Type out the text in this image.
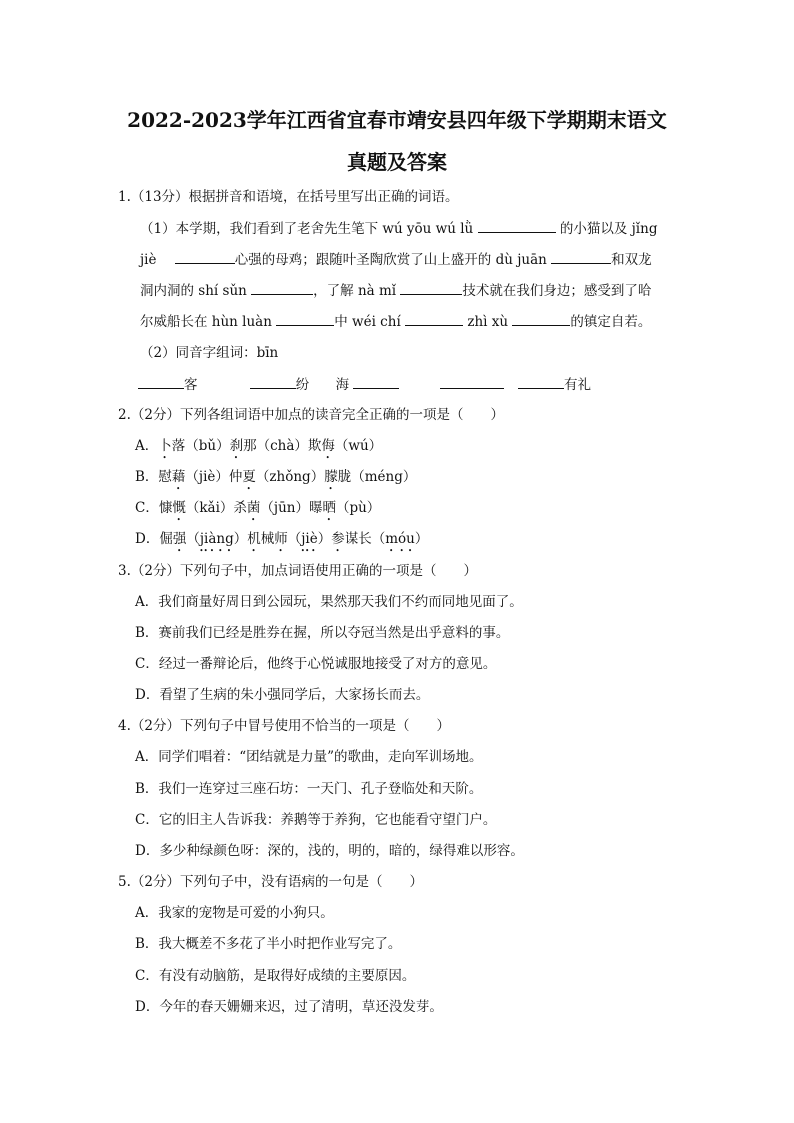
2022-2023学年江西省宜春市靖安县四年级下学期期末语文
真题及答案
1.（13分）根据拼音和语境，在括号里写出正确的词语。
（1）本学期，我们看到了老舍先生笔下 wú yōu wú lǜ	的小猫以及 jǐng
jiè	心强的母鸡；跟随叶圣陶欣赏了山上盛开的 dù juān	和双龙
洞内洞的 shí sǔn	，了解 nà mǐ	技术就在我们身边；感受到了哈
尔威船长在 hùn luàn	中 wéi chí	zhì xù	的镇定自若。
（2）同音字组词：bīn
客	纷 海	有礼
2.（2分）下列各组词语中加点的读音完全正确的一项是（　　）
A．卜落（bǔ）刹那（chà）欺侮（wú）
B．慰藉（jiè）仲夏（zhǒng）朦胧（méng）
C．慷慨（kǎi）杀菌（jūn）曝晒（pù）
D．倔强（jiàng）机械师（jiè）参谋长（móu）
3.（2分）下列句子中，加点词语使用正确的一项是（　　）
A．我们商量好周日到公园玩，果然那天我们不约而同地见面了。
B．赛前我们已经是胜券在握，所以夺冠当然是出乎意料的事。
C．经过一番辩论后，他终于心悦诚服地接受了对方的意见。
D．看望了生病的朱小强同学后，大家扬长而去。
4.（2分）下列句子中冒号使用不恰当的一项是（　　）
A．同学们唱着：“团结就是力量”的歌曲，走向军训场地。
B．我们一连穿过三座石坊：一天门、孔子登临处和天阶。
C．它的旧主人告诉我：养鹅等于养狗，它也能看守望门户。
D．多少种绿颜色呀：深的，浅的，明的，暗的，绿得难以形容。
5.（2分）下列句子中，没有语病的一句是（　　）
A．我家的宠物是可爱的小狗只。
B．我大概差不多花了半小时把作业写完了。
C．有没有动脑筋，是取得好成绩的主要原因。
D．今年的春天姗姗来迟，过了清明，草还没发芽。
